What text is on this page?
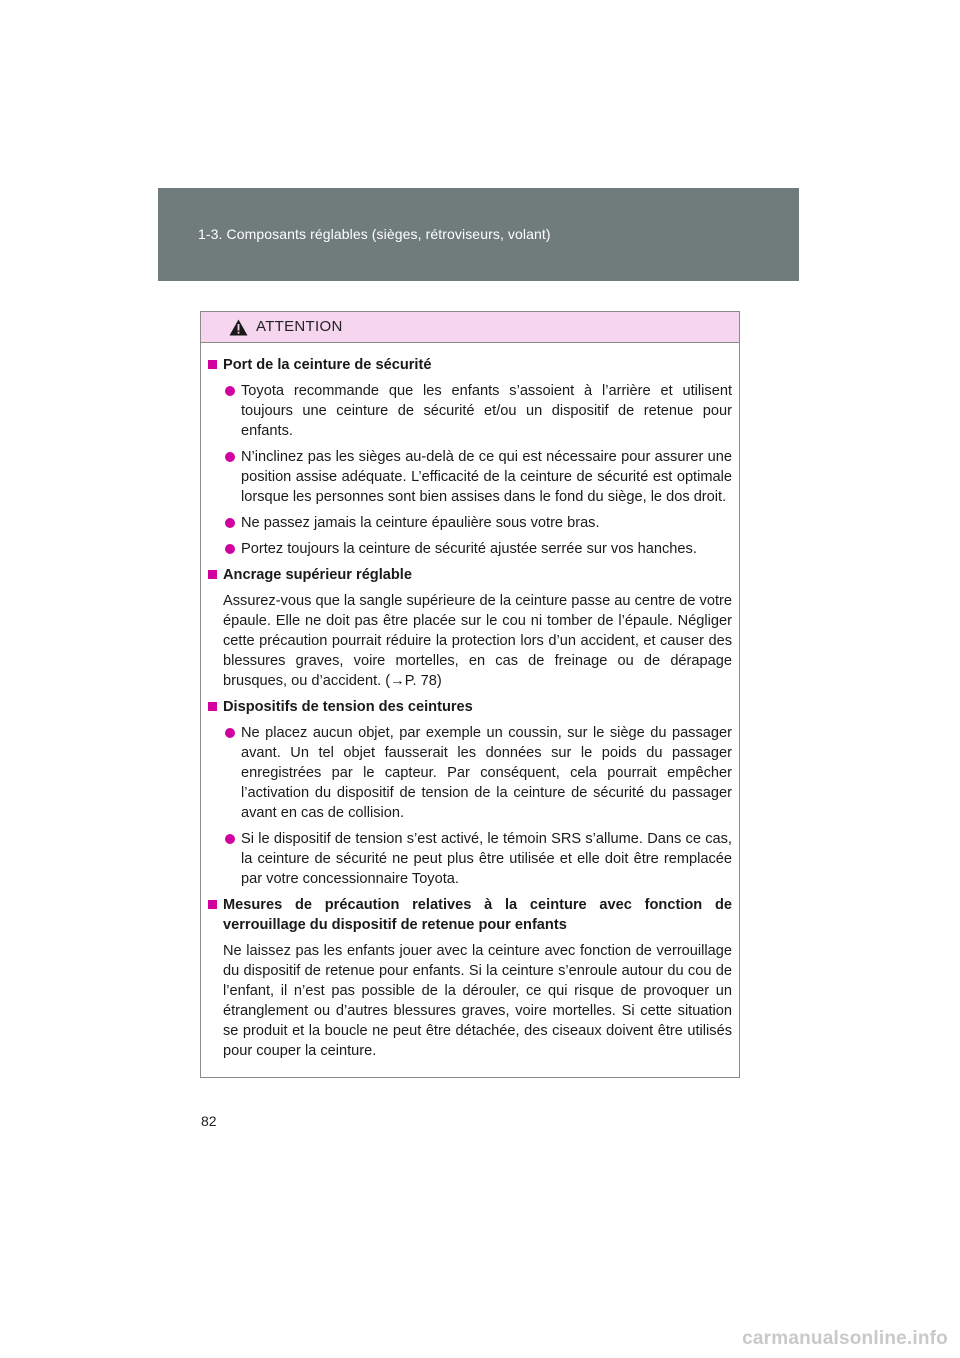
1-3. Composants réglables (sièges, rétroviseurs, volant)
ATTENTION
Port de la ceinture de sécurité
Toyota recommande que les enfants s’assoient à l’arrière et utilisent toujours une ceinture de sécurité et/ou un dispositif de retenue pour enfants.
N’inclinez pas les sièges au-delà de ce qui est nécessaire pour assurer une position assise adéquate. L’efficacité de la ceinture de sécurité est optimale lorsque les personnes sont bien assises dans le fond du siège, le dos droit.
Ne passez jamais la ceinture épaulière sous votre bras.
Portez toujours la ceinture de sécurité ajustée serrée sur vos hanches.
Ancrage supérieur réglable
Assurez-vous que la sangle supérieure de la ceinture passe au centre de votre épaule. Elle ne doit pas être placée sur le cou ni tomber de l’épaule. Négliger cette précaution pourrait réduire la protection lors d’un accident, et causer des blessures graves, voire mortelles, en cas de freinage ou de dérapage brusques, ou d’accident. (→P. 78)
Dispositifs de tension des ceintures
Ne placez aucun objet, par exemple un coussin, sur le siège du passager avant. Un tel objet fausserait les données sur le poids du passager enregistrées par le capteur. Par conséquent, cela pourrait empêcher l’activation du dispositif de tension de la ceinture de sécurité du passager avant en cas de collision.
Si le dispositif de tension s’est activé, le témoin SRS s’allume. Dans ce cas, la ceinture de sécurité ne peut plus être utilisée et elle doit être remplacée par votre concessionnaire Toyota.
Mesures de précaution relatives à la ceinture avec fonction de verrouillage du dispositif de retenue pour enfants
Ne laissez pas les enfants jouer avec la ceinture avec fonction de verrouillage du dispositif de retenue pour enfants. Si la ceinture s’enroule autour du cou de l’enfant, il n’est pas possible de la dérouler, ce qui risque de provoquer un étranglement ou d’autres blessures graves, voire mortelles. Si cette situation se produit et la boucle ne peut être détachée, des ciseaux doivent être utilisés pour couper la ceinture.
82
carmanualsonline.info
